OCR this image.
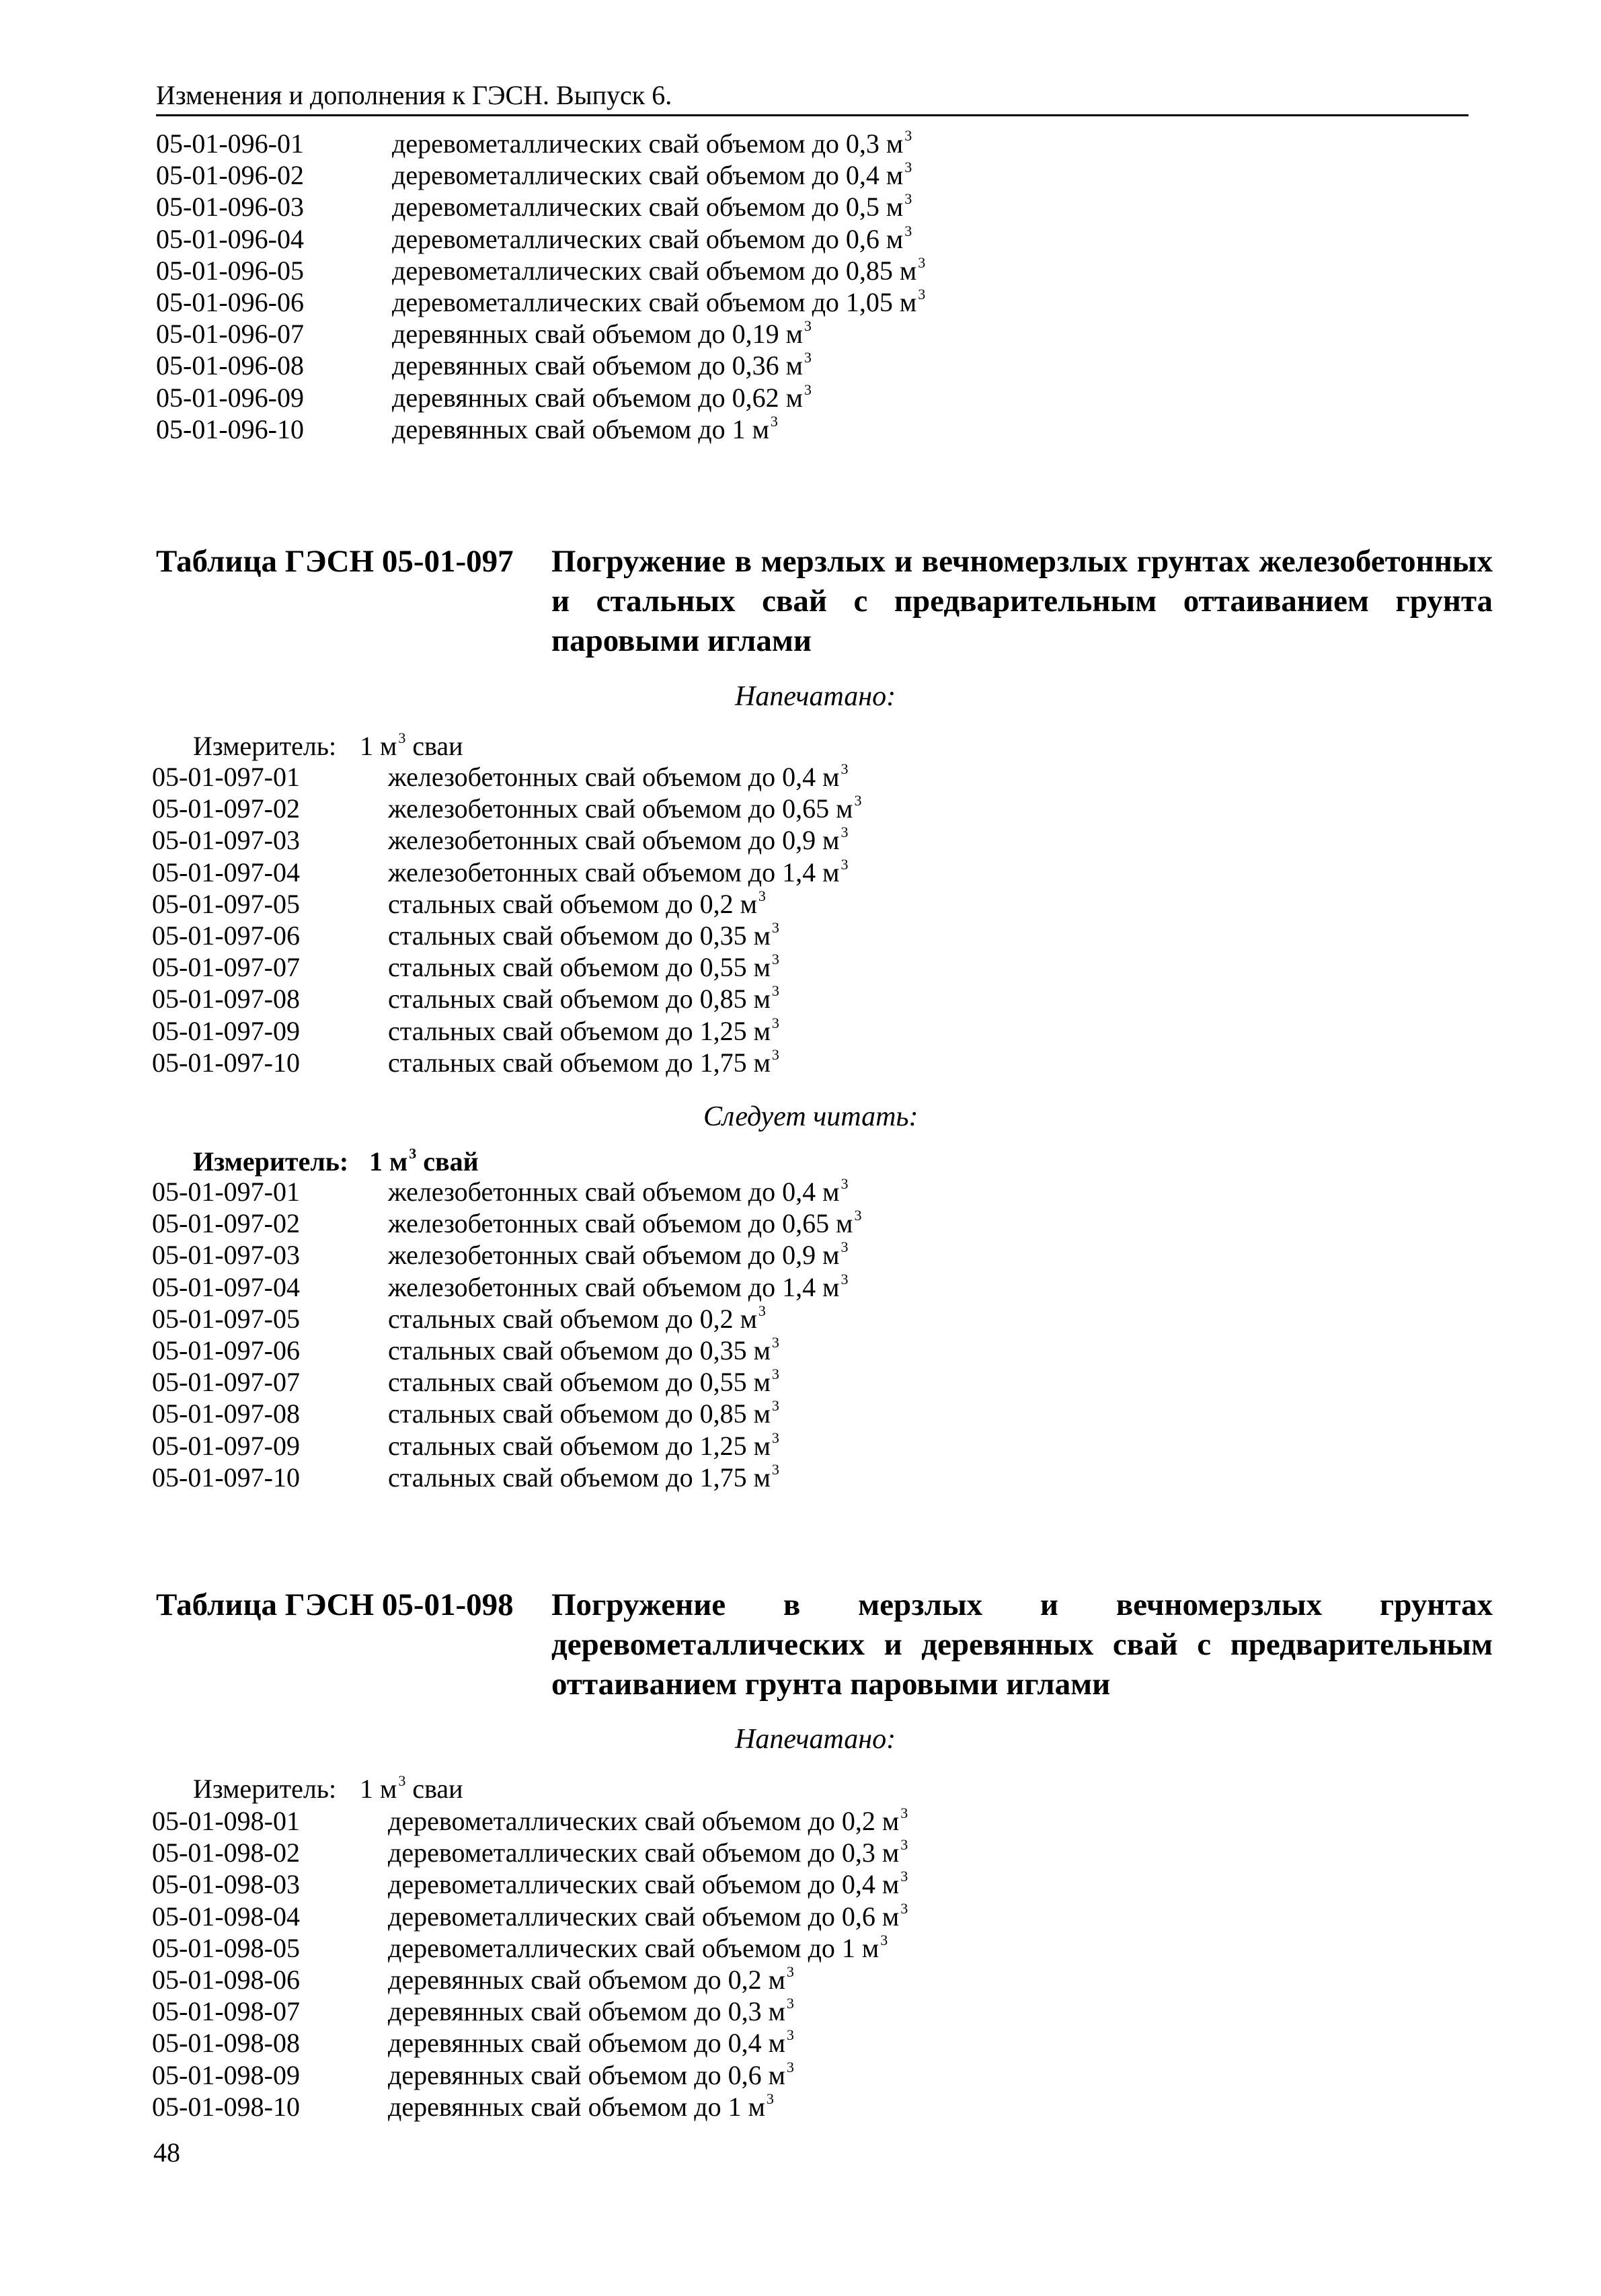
Изменения и дополнения к ГЭСН. Выпуск 6.
05-01-096-01	деревометаллических свай объемом до 0,3 $м^3$
05-01-096-02	деревометаллических свай объемом до 0,4 $м^3$
05-01-096-03	деревометаллических свай объемом до 0,5 $м^3$
05-01-096-04	деревометаллических свай объемом до 0,6 $м^3$
05-01-096-05	деревометаллических свай объемом до 0,85 $м^3$
05-01-096-06	деревометаллических свай объемом до 1,05 $м^3$
05-01-096-07	деревянных свай объемом до 0,19 $м^3$
05-01-096-08	деревянных свай объемом до 0,36 $м^3$
05-01-096-09	деревянных свай объемом до 0,62 $м^3$
05-01-096-10	деревянных свай объемом до 1 $м^3$
Таблица ГЭСН 05-01-097 Погружение в мерзлых и вечномерзлых грунтах железобетонных и стальных свай с предварительным оттаиванием грунта паровыми иглами
Напечатано:
Измеритель: 1 $м^3$ сваи
05-01-097-01	железобетонных свай объемом до 0,4 $м^3$
05-01-097-02	железобетонных свай объемом до 0,65 $м^3$
05-01-097-03	железобетонных свай объемом до 0,9 $м^3$
05-01-097-04	железобетонных свай объемом до 1,4 $м^3$
05-01-097-05	стальных свай объемом до 0,2 $м^3$
05-01-097-06	стальных свай объемом до 0,35 $м^3$
05-01-097-07	стальных свай объемом до 0,55 $м^3$
05-01-097-08	стальных свай объемом до 0,85 $м^3$
05-01-097-09	стальных свай объемом до 1,25 $м^3$
05-01-097-10	стальных свай объемом до 1,75 $м^3$
Следует читать:
Измеритель: 1 $м^3$ свай
05-01-097-01	железобетонных свай объемом до 0,4 $м^3$
05-01-097-02	железобетонных свай объемом до 0,65 $м^3$
05-01-097-03	железобетонных свай объемом до 0,9 $м^3$
05-01-097-04	железобетонных свай объемом до 1,4 $м^3$
05-01-097-05	стальных свай объемом до 0,2 $м^3$
05-01-097-06	стальных свай объемом до 0,35 $м^3$
05-01-097-07	стальных свай объемом до 0,55 $м^3$
05-01-097-08	стальных свай объемом до 0,85 $м^3$
05-01-097-09	стальных свай объемом до 1,25 $м^3$
05-01-097-10	стальных свай объемом до 1,75 $м^3$
Таблица ГЭСН 05-01-098 Погружение в мерзлых и вечномерзлых грунтах деревометаллических и деревянных свай с предварительным оттаиванием грунта паровыми иглами
Напечатано:
Измеритель: 1 $м^3$ сваи
05-01-098-01	деревометаллических свай объемом до 0,2 $м^3$
05-01-098-02	деревометаллических свай объемом до 0,3 $м^3$
05-01-098-03	деревометаллических свай объемом до 0,4 $м^3$
05-01-098-04	деревометаллических свай объемом до 0,6 $м^3$
05-01-098-05	деревометаллических свай объемом до 1 $м^3$
05-01-098-06	деревянных свай объемом до 0,2 $м^3$
05-01-098-07	деревянных свай объемом до 0,3 $м^3$
05-01-098-08	деревянных свай объемом до 0,4 $м^3$
05-01-098-09	деревянных свай объемом до 0,6 $м^3$
05-01-098-10	деревянных свай объемом до 1 $м^3$
48
